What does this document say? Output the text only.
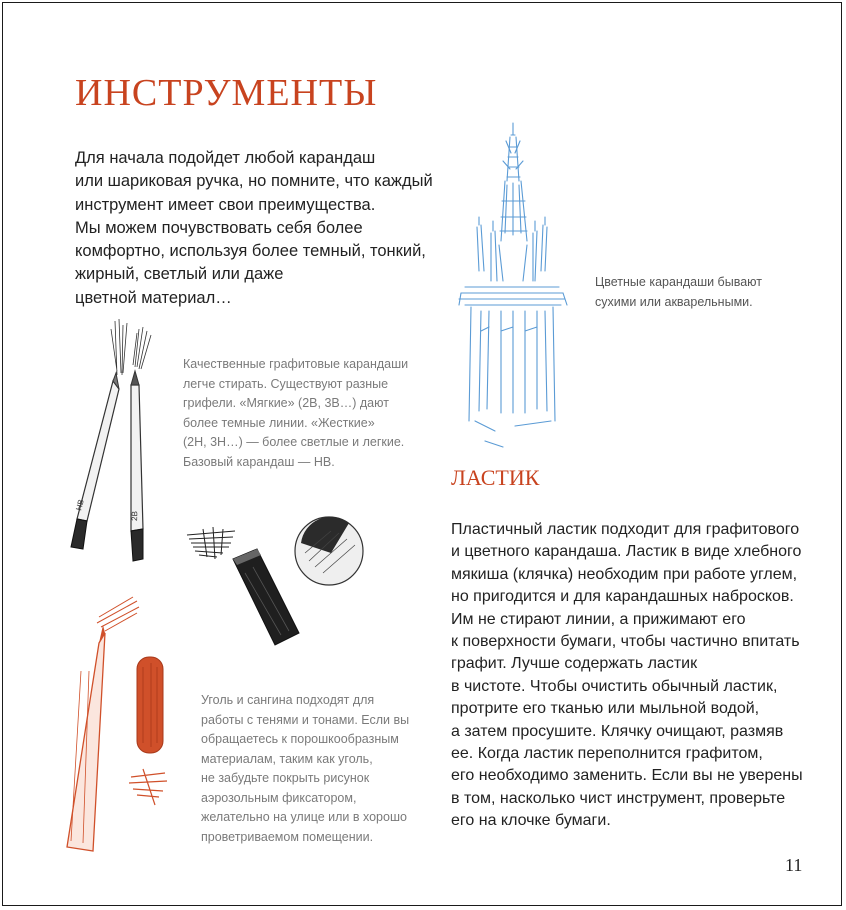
ИНСТРУМЕНТЫ
Для начала подойдет любой карандаш
или шариковая ручка, но помните, что каждый
инструмент имеет свои преимущества.
Мы можем почувствовать себя более
комфортно, используя более темный, тонкий,
жирный, светлый или даже
цветной материал…
Цветные карандаши бывают
сухими или акварельными.
HB
2B
Качественные графитовые карандаши
легче стирать. Существуют разные
грифели. «Мягкие» (2B, 3B…) дают
более темные линии. «Жесткие»
(2H, 3H…) — более светлые и легкие.
Базовый карандаш — HB.
Уголь и сангина подходят для
работы с тенями и тонами. Если вы
обращаетесь к порошкообразным
материалам, таким как уголь,
не забудьте покрыть рисунок
аэрозольным фиксатором,
желательно на улице или в хорошо
проветриваемом помещении.
ЛАСТИК
Пластичный ластик подходит для графитового
и цветного карандаша. Ластик в виде хлебного
мякиша (клячка) необходим при работе углем,
но пригодится и для карандашных набросков.
Им не стирают линии, а прижимают его
к поверхности бумаги, чтобы частично впитать
графит. Лучше содержать ластик
в чистоте. Чтобы очистить обычный ластик,
протрите его тканью или мыльной водой,
а затем просушите. Клячку очищают, размяв
ее. Когда ластик переполнится графитом,
его необходимо заменить. Если вы не уверены
в том, насколько чист инструмент, проверьте
его на клочке бумаги.
11
